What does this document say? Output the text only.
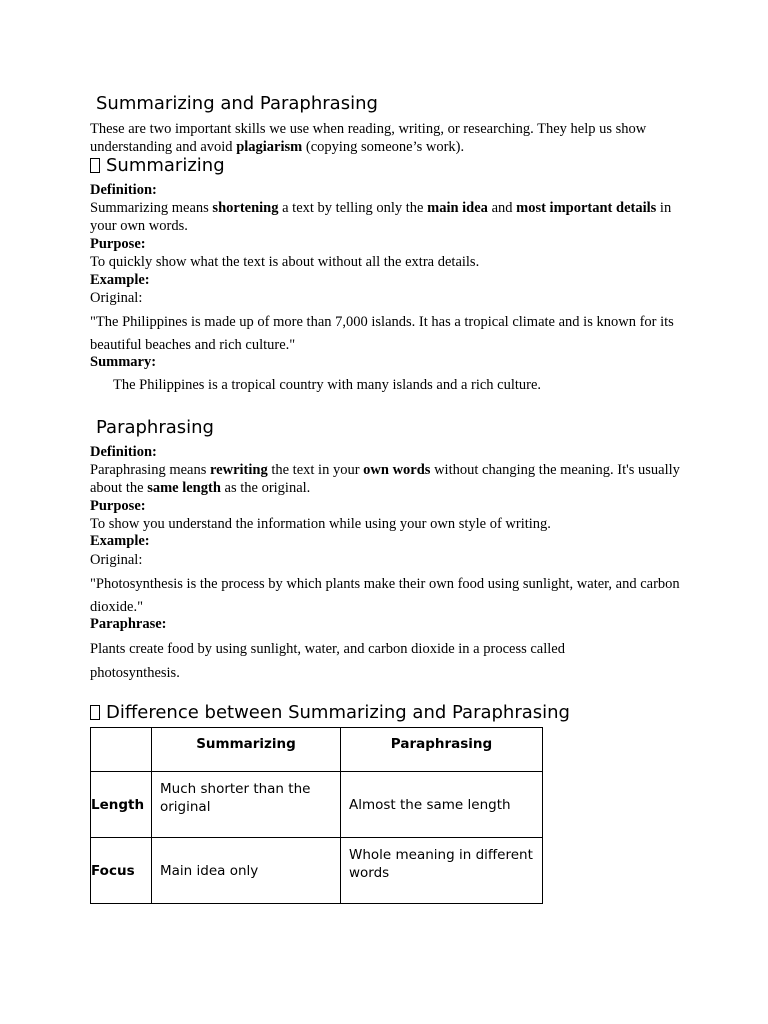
Summarizing and Paraphrasing

These are two important skills we use when reading, writing, or researching. They help us show understanding and avoid plagiarism (copying someone’s work).

Summarizing

Definition:

Summarizing means shortening a text by telling only the main idea and most important details in your own words.

Purpose:

To quickly show what the text is about without all the extra details.

Example:

Original:

"The Philippines is made up of more than 7,000 islands. It has a tropical climate and is known for its beautiful beaches and rich culture."

Summary:

The Philippines is a tropical country with many islands and a rich culture.

Paraphrasing

Definition:

Paraphrasing means rewriting the text in your own words without changing the meaning. It's usually about the same length as the original.

Purpose:

To show you understand the information while using your own style of writing.

Example:

Original:

"Photosynthesis is the process by which plants make their own food using sunlight, water, and carbon dioxide."

Paraphrase:

Plants create food by using sunlight, water, and carbon dioxide in a process called photosynthesis.

Difference between Summarizing and Paraphrasing
	Summarizing	Paraphrasing
Length	Much shorter than the original	Almost the same length
Focus	Main idea only	Whole meaning in different words
